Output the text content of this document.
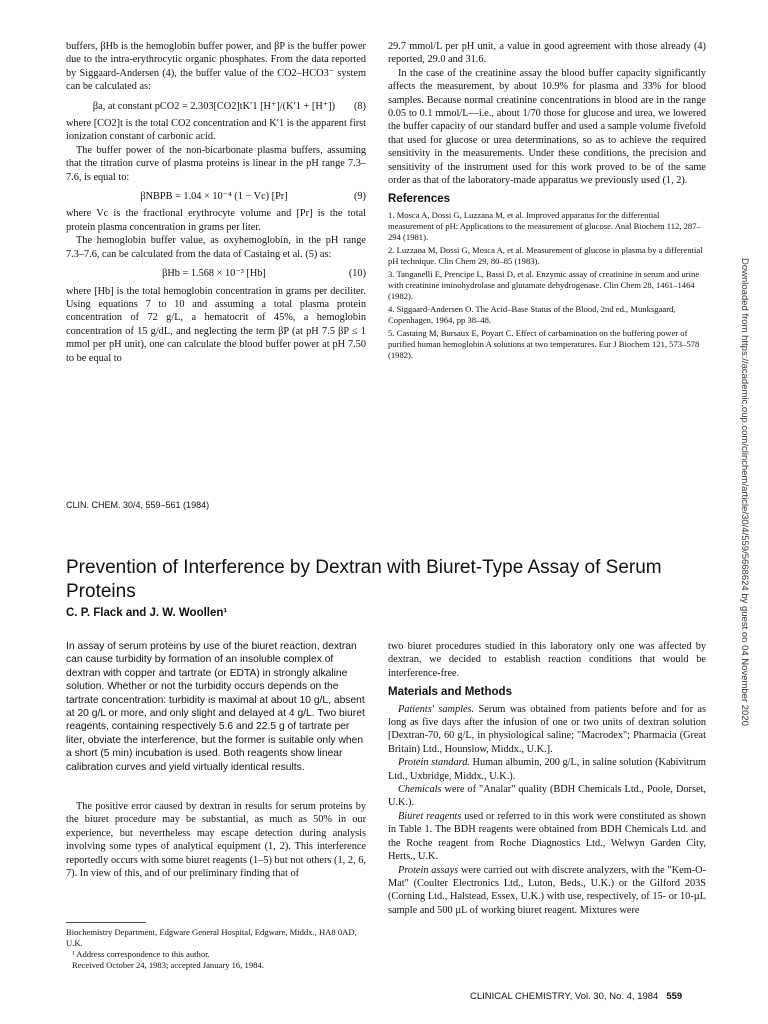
buffers, βHb is the hemoglobin buffer power, and βP is the buffer power due to the intra-erythrocytic organic phosphates. From the data reported by Siggaard-Andersen (4), the buffer value of the CO2–HCO3⁻ system can be calculated as:

βa, at constant pCO2 = 2.303[CO2]tK′1 [H⁺]/(K′1 + [H⁺])	(8)

where [CO2]t is the total CO2 concentration and K′1 is the apparent first ionization constant of carbonic acid.

The buffer power of the non-bicarbonate plasma buffers, assuming that the titration curve of plasma proteins is linear in the pH range 7.3–7.6, is equal to:

βNBPB = 1.04 × 10⁻⁴ (1 − Vc) [Pr]	(9)

where Vc is the fractional erythrocyte volume and [Pr] is the total protein plasma concentration in grams per liter.

The hemoglobin buffer value, as oxyhemoglobin, in the pH range 7.3–7.6, can be calculated from the data of Castaing et al. (5) as:

βHb = 1.568 × 10⁻³ [Hb]	(10)

where [Hb] is the total hemoglobin concentration in grams per deciliter. Using equations 7 to 10 and assuming a total plasma protein concentration of 72 g/L, a hematocrit of 45%, a hemoglobin concentration of 15 g/dL, and neglecting the term βP (at pH 7.5 βP ≤ 1 mmol per pH unit), one can calculate the blood buffer power at pH 7.50 to be equal to

29.7 mmol/L per pH unit, a value in good agreement with those already (4) reported, 29.0 and 31.6.

In the case of the creatinine assay the blood buffer capacity significantly affects the measurement, by about 10.9% for plasma and 33% for blood samples. Because normal creatinine concentrations in blood are in the range 0.05 to 0.1 mmol/L—i.e., about 1/70 those for glucose and urea, we lowered the buffer capacity of our standard buffer and used a sample volume fivefold that used for glucose or urea determinations, so as to achieve the required sensitivity in the measurements. Under these conditions, the precision and sensitivity of the instrument used for this work proved to be of the same order as that of the laboratory-made apparatus we previously used (1, 2).

References
1. Mosca A, Dossi G, Luzzana M, et al. Improved apparatus for the differential measurement of pH: Applications to the measurement of glucose. Anal Biochem 112, 287–294 (1981).
2. Luzzana M, Dossi G, Mosca A, et al. Measurement of glucose in plasma by a differential pH technique. Clin Chem 29, 80–85 (1983).
3. Tanganelli E, Prencipe L, Bassi D, et al. Enzymic assay of creatinine in serum and urine with creatinine iminohydrolase and glutamate dehydrogenase. Clin Chem 28, 1461–1464 (1982).
4. Siggaard-Andersen O. The Acid–Base Status of the Blood, 2nd ed., Munksgaard, Copenhagen, 1964, pp 38–48.
5. Castaing M, Bursaux E, Poyart C. Effect of carbamination on the buffering power of purified human hemoglobin A solutions at two temperatures. Eur J Biochem 121, 573–578 (1982).
CLIN. CHEM. 30/4, 559–561 (1984)
Prevention of Interference by Dextran with Biuret-Type Assay of Serum Proteins
C. P. Flack and J. W. Woollen¹

In assay of serum proteins by use of the biuret reaction, dextran can cause turbidity by formation of an insoluble complex of dextran with copper and tartrate (or EDTA) in strongly alkaline solution. Whether or not the turbidity occurs depends on the tartrate concentration: turbidity is maximal at about 10 g/L, absent at 20 g/L or more, and only slight and delayed at 4 g/L. Two biuret reagents, containing respectively 5.6 and 22.5 g of tartrate per liter, obviate the interference, but the former is suitable only when a short (5 min) incubation is used. Both reagents show linear calibration curves and yield virtually identical results.

The positive error caused by dextran in results for serum proteins by the biuret procedure may be substantial, as much as 50% in our experience, but nevertheless may escape detection during analysis involving some types of analytical equipment (1, 2). This interference reportedly occurs with some biuret reagents (1–5) but not others (1, 2, 6, 7). In view of this, and of our preliminary finding that of

Biochemistry Department, Edgware General Hospital, Edgware, Middx., HA8 0AD, U.K.
¹ Address correspondence to this author.
Received October 24, 1983; accepted January 16, 1984.

two biuret procedures studied in this laboratory only one was affected by dextran, we decided to establish reaction conditions that would be interference-free.

Materials and Methods

Patients' samples. Serum was obtained from patients before and for as long as five days after the infusion of one or two units of dextran solution [Dextran-70, 60 g/L, in physiological saline; "Macrodex"; Pharmacia (Great Britain) Ltd., Hounslow, Middx., U.K.].

Protein standard. Human albumin, 200 g/L, in saline solution (Kabivitrum Ltd., Uxbridge, Middx., U.K.).

Chemicals were of "Analar" quality (BDH Chemicals Ltd., Poole, Dorset, U.K.).

Biuret reagents used or referred to in this work were constituted as shown in Table 1. The BDH reagents were obtained from BDH Chemicals Ltd. and the Roche reagent from Roche Diagnostics Ltd., Welwyn Garden City, Herts., U.K.

Protein assays were carried out with discrete analyzers, with the "Kem-O-Mat" (Coulter Electronics Ltd., Luton, Beds., U.K.) or the Gilford 203S (Corning Ltd., Halstead, Essex, U.K.) with use, respectively, of 15- or 10-µL sample and 500 µL of working biuret reagent. Mixtures were

CLINICAL CHEMISTRY, Vol. 30, No. 4, 1984 559
Downloaded from https://academic.oup.com/clinchem/article/30/4/559/5668624 by guest on 04 November 2020
